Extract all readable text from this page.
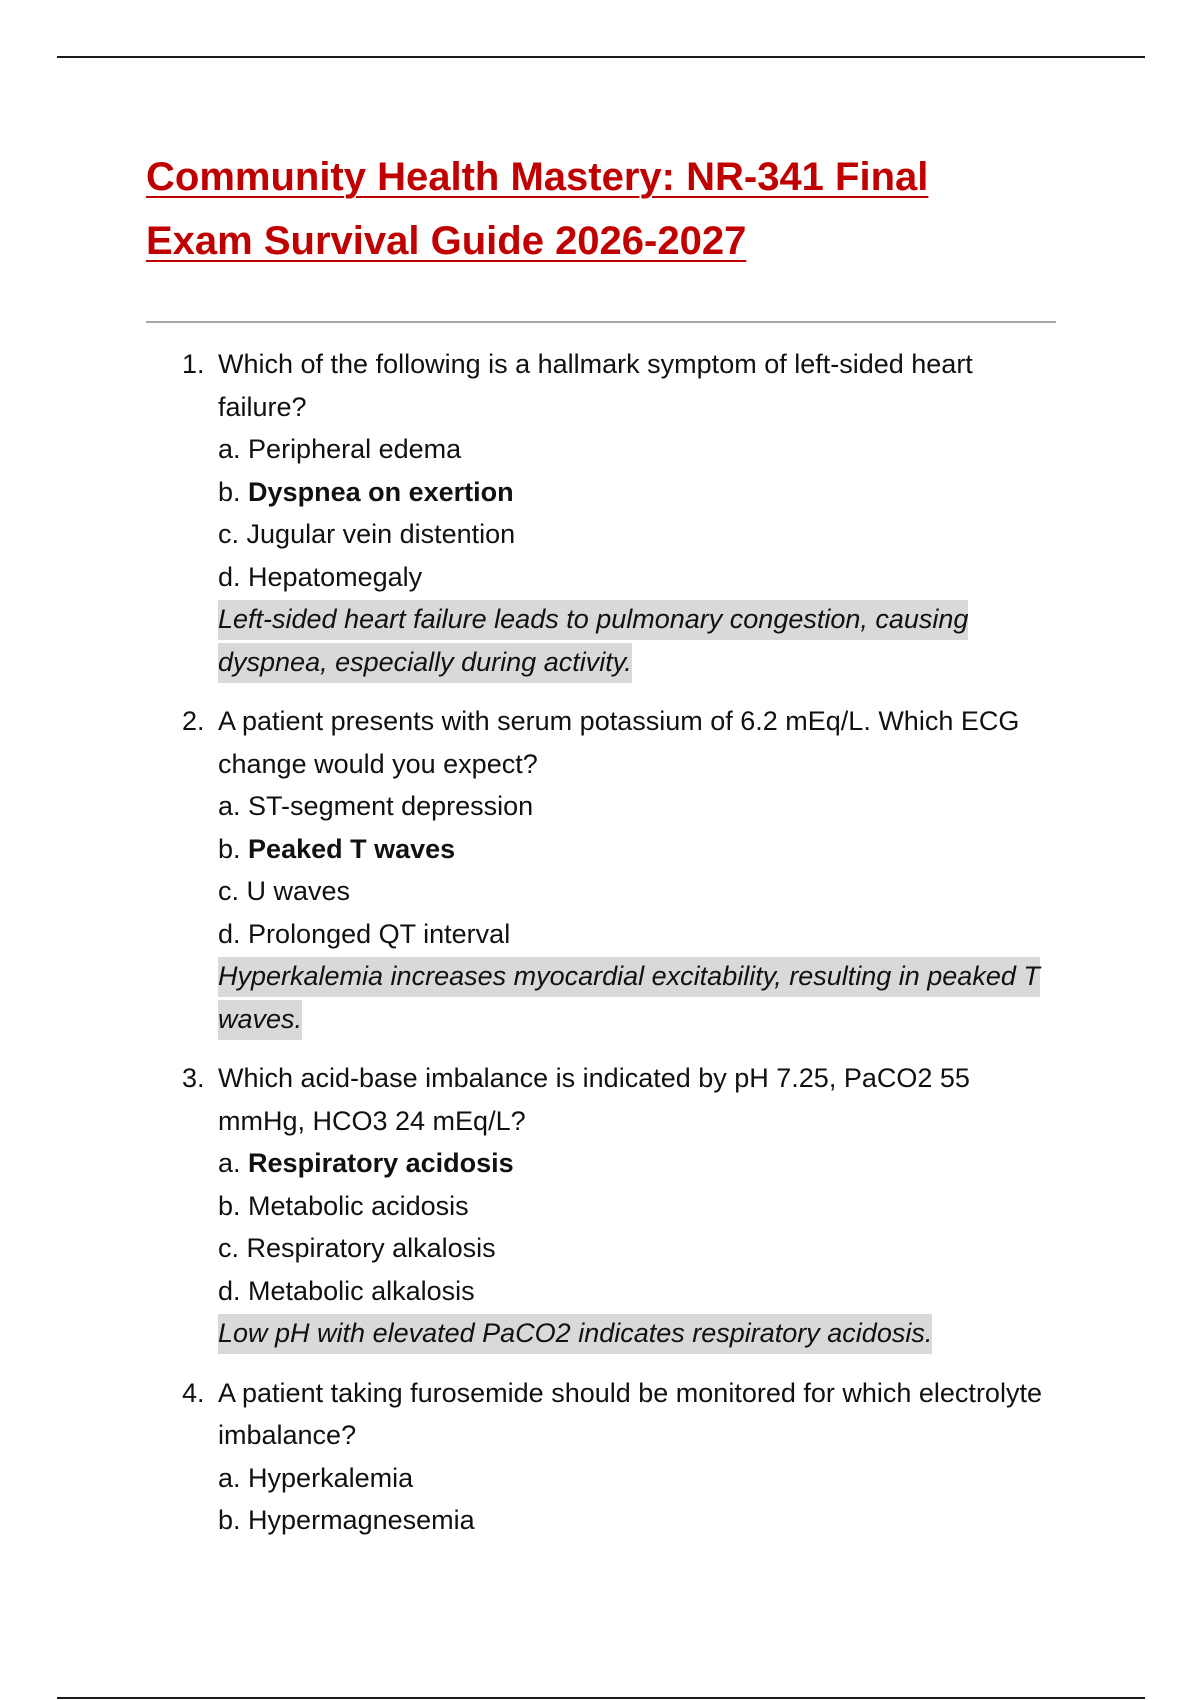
Community Health Mastery: NR-341 Final Exam Survival Guide 2026-2027
1. Which of the following is a hallmark symptom of left-sided heart failure?

a. Peripheral edema
b. Dyspnea on exertion
c. Jugular vein distention
d. Hepatomegaly

Left-sided heart failure leads to pulmonary congestion, causing dyspnea, especially during activity.

2. A patient presents with serum potassium of 6.2 mEq/L. Which ECG change would you expect?

a. ST-segment depression
b. Peaked T waves
c. U waves
d. Prolonged QT interval

Hyperkalemia increases myocardial excitability, resulting in peaked T waves.

3. Which acid-base imbalance is indicated by pH 7.25, PaCO2 55 mmHg, HCO3 24 mEq/L?

a. Respiratory acidosis
b. Metabolic acidosis
c. Respiratory alkalosis
d. Metabolic alkalosis

Low pH with elevated PaCO2 indicates respiratory acidosis.

4. A patient taking furosemide should be monitored for which electrolyte imbalance?

a. Hyperkalemia
b. Hypermagnesemia
